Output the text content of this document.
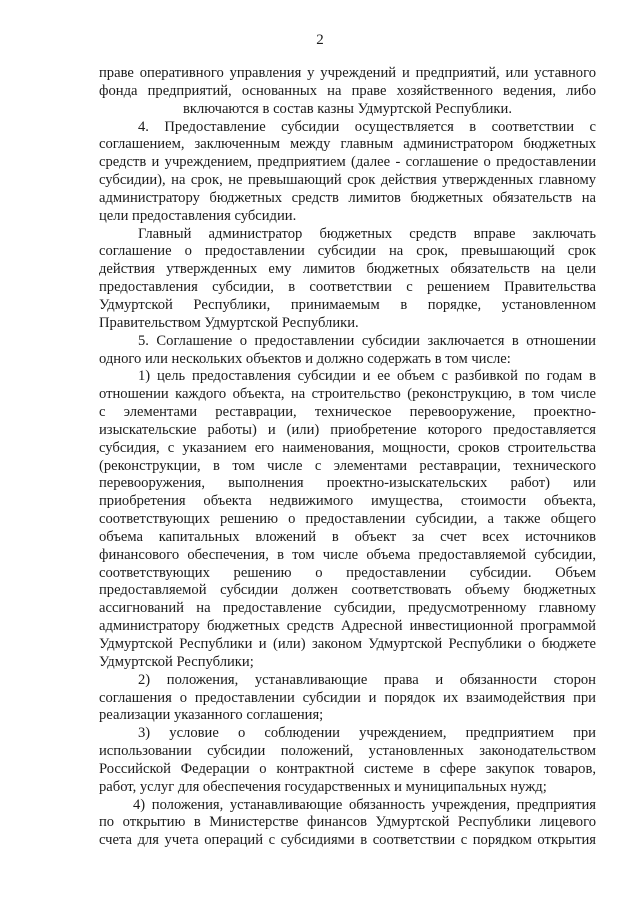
2
праве оперативного управления у учреждений и предприятий, или уставного
фонда предприятий, основанных на праве хозяйственного ведения, либо
включаются в состав казны Удмуртской Республики.
4. Предоставление субсидии осуществляется в соответствии с
соглашением, заключенным между главным администратором бюджетных
средств и учреждением, предприятием (далее - соглашение о предоставлении
субсидии), на срок, не превышающий срок действия утвержденных главному
администратору бюджетных средств лимитов бюджетных обязательств на
цели предоставления субсидии.
Главный администратор бюджетных средств вправе заключать
соглашение о предоставлении субсидии на срок, превышающий срок
действия утвержденных ему лимитов бюджетных обязательств на цели
предоставления субсидии, в соответствии с решением Правительства
Удмуртской Республики, принимаемым в порядке, установленном
Правительством Удмуртской Республики.
5. Соглашение о предоставлении субсидии заключается в отношении
одного или нескольких объектов и должно содержать в том числе:
1) цель предоставления субсидии и ее объем с разбивкой по годам в
отношении каждого объекта, на строительство (реконструкцию, в том числе
с элементами реставрации, техническое перевооружение, проектно-
изыскательские работы) и (или) приобретение которого предоставляется
субсидия, с указанием его наименования, мощности, сроков строительства
(реконструкции, в том числе с элементами реставрации, технического
перевооружения, выполнения проектно-изыскательских работ) или
приобретения объекта недвижимого имущества, стоимости объекта,
соответствующих решению о предоставлении субсидии, а также общего
объема капитальных вложений в объект за счет всех источников
финансового обеспечения, в том числе объема предоставляемой субсидии,
соответствующих решению о предоставлении субсидии. Объем
предоставляемой субсидии должен соответствовать объему бюджетных
ассигнований на предоставление субсидии, предусмотренному главному
администратору бюджетных средств Адресной инвестиционной программой
Удмуртской Республики и (или) законом Удмуртской Республики о бюджете
Удмуртской Республики;
2) положения, устанавливающие права и обязанности сторон
соглашения о предоставлении субсидии и порядок их взаимодействия при
реализации указанного соглашения;
3) условие о соблюдении учреждением, предприятием при
использовании субсидии положений, установленных законодательством
Российской Федерации о контрактной системе в сфере закупок товаров,
работ, услуг для обеспечения государственных и муниципальных нужд;
4) положения, устанавливающие обязанность учреждения, предприятия
по открытию в Министерстве финансов Удмуртской Республики лицевого
счета для учета операций с субсидиями в соответствии с порядком открытия
